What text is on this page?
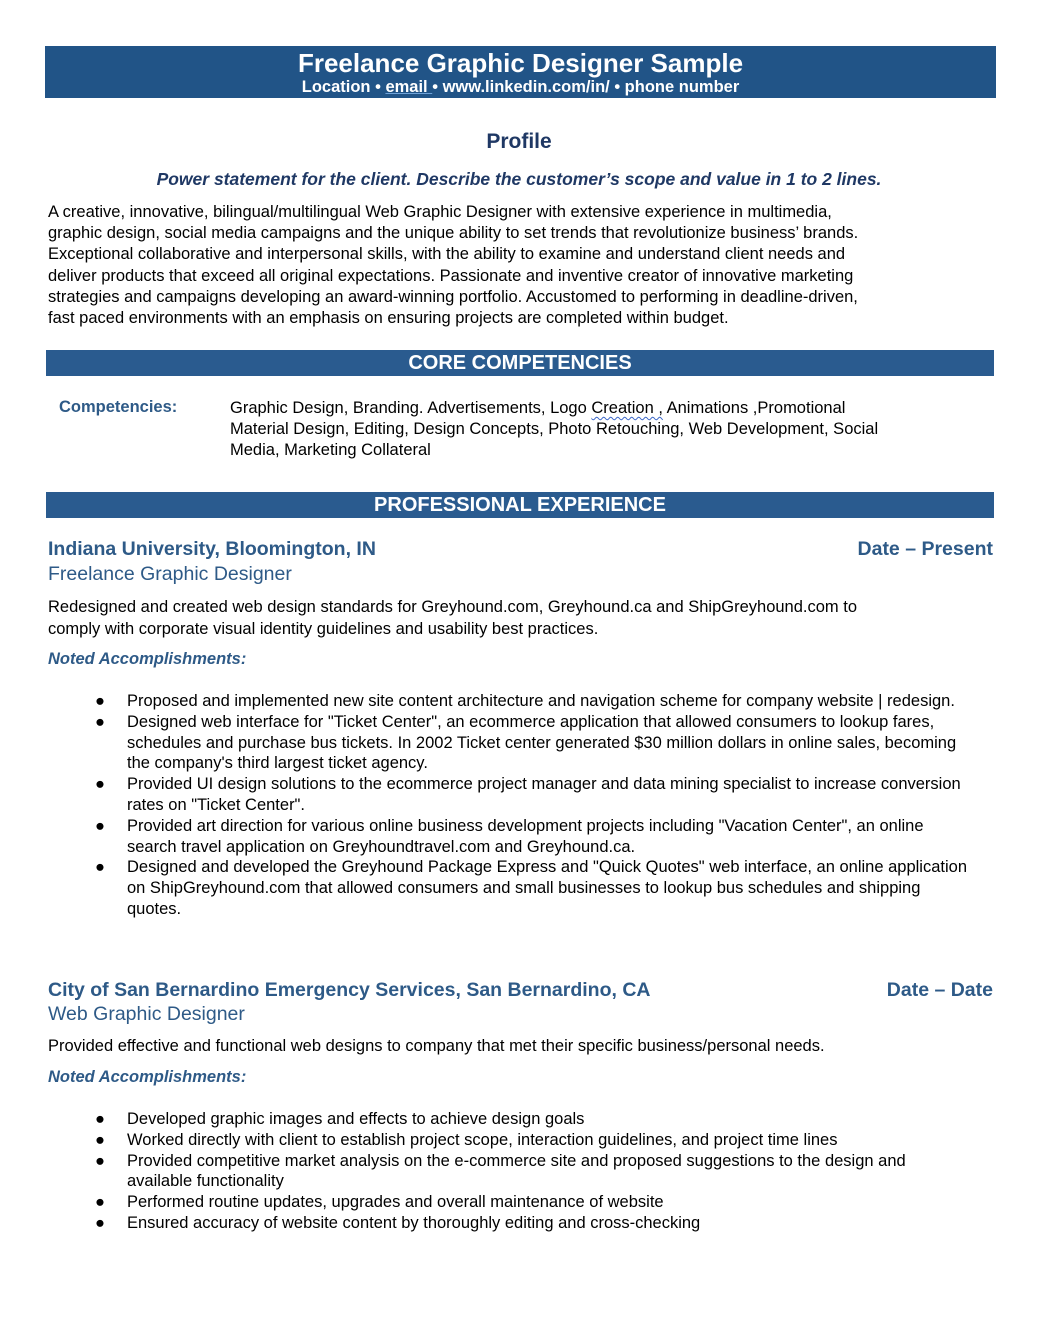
Freelance Graphic Designer Sample
Location • email • www.linkedin.com/in/ • phone number
Profile
Power statement for the client. Describe the customer’s scope and value in 1 to 2 lines.
A creative, innovative, bilingual/multilingual Web Graphic Designer with extensive experience in multimedia,
graphic design, social media campaigns and the unique ability to set trends that revolutionize business’ brands.
Exceptional collaborative and interpersonal skills, with the ability to examine and understand client needs and
deliver products that exceed all original expectations. Passionate and inventive creator of innovative marketing
strategies and campaigns developing an award-winning portfolio. Accustomed to performing in deadline-driven,
fast paced environments with an emphasis on ensuring projects are completed within budget.
CORE COMPETENCIES
Competencies:	Graphic Design, Branding. Advertisements, Logo Creation , Animations ,Promotional
Material Design, Editing, Design Concepts, Photo Retouching, Web Development, Social
Media, Marketing Collateral
PROFESSIONAL EXPERIENCE
Indiana University, Bloomington, IN	Date – Present
Freelance Graphic Designer
Redesigned and created web design standards for Greyhound.com, Greyhound.ca and ShipGreyhound.com to
comply with corporate visual identity guidelines and usability best practices.
Noted Accomplishments:
● Proposed and implemented new site content architecture and navigation scheme for company website | redesign.
● Designed web interface for "Ticket Center", an ecommerce application that allowed consumers to lookup fares, schedules and purchase bus tickets. In 2002 Ticket center generated $30 million dollars in online sales, becoming the company's third largest ticket agency.
● Provided UI design solutions to the ecommerce project manager and data mining specialist to increase conversion rates on "Ticket Center".
● Provided art direction for various online business development projects including "Vacation Center", an online search travel application on Greyhoundtravel.com and Greyhound.ca.
● Designed and developed the Greyhound Package Express and "Quick Quotes" web interface, an online application on ShipGreyhound.com that allowed consumers and small businesses to lookup bus schedules and shipping quotes.
City of San Bernardino Emergency Services, San Bernardino, CA	Date – Date
Web Graphic Designer
Provided effective and functional web designs to company that met their specific business/personal needs.
Noted Accomplishments:
● Developed graphic images and effects to achieve design goals
● Worked directly with client to establish project scope, interaction guidelines, and project time lines
● Provided competitive market analysis on the e-commerce site and proposed suggestions to the design and available functionality
● Performed routine updates, upgrades and overall maintenance of website
● Ensured accuracy of website content by thoroughly editing and cross-checking
